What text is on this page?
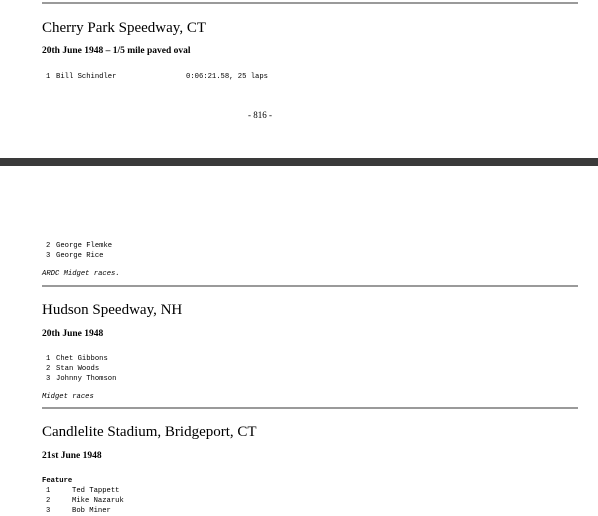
Cherry Park Speedway, CT
20th June 1948 – 1/5 mile paved oval
1 Bill Schindler	0:06:21.58, 25 laps
- 816 -
2 George Flemke
3 George Rice
ARDC Midget races.
Hudson Speedway, NH
20th June 1948
1 Chet Gibbons
2 Stan Woods
3 Johnny Thomson
Midget races
Candlelite Stadium, Bridgeport, CT
21st June 1948
Feature
1	Ted Tappett
2	Mike Nazaruk
3	Bob Miner
